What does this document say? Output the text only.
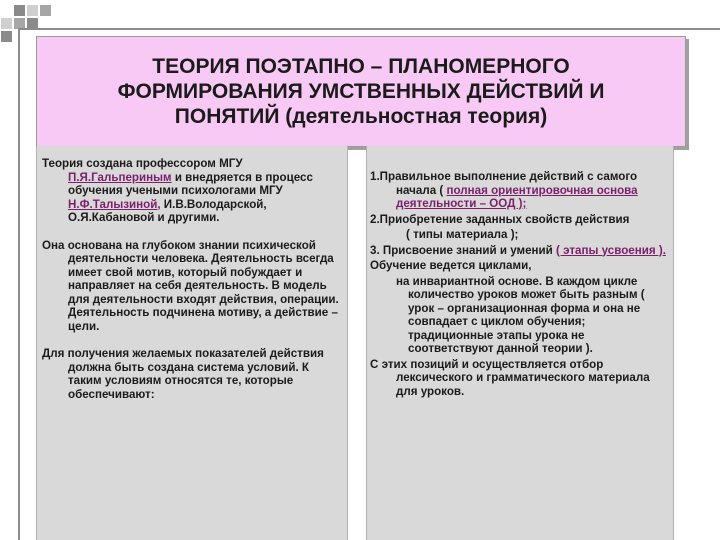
ТЕОРИЯ ПОЭТАПНО – ПЛАНОМЕРНОГО
ФОРМИРОВАНИЯ УМСТВЕННЫХ ДЕЙСТВИЙ И
ПОНЯТИЙ (деятельностная теория)

Теория создана профессором МГУ П.Я.Гальпериным и внедряется в процесс обучения учеными психологами МГУ Н.Ф.Талызиной, И.В.Володарской, О.Я.Кабановой и другими.

Она основана на глубоком знании психической деятельности человека. Деятельность всегда имеет свой мотив, который побуждает и направляет на себя деятельность. В модель для деятельности входят действия, операции. Деятельность подчинена мотиву, а действие – цели.

Для получения желаемых показателей действия должна быть создана система условий. К таким условиям относятся те, которые обеспечивают:

1.Правильное выполнение действий с самого начала ( полная ориентировочная основа деятельности – ООД );

2.Приобретение заданных свойств действия

( типы материала );

3. Присвоение знаний и умений ( этапы усвоения ).

Обучение ведется циклами,

на инвариантной основе. В каждом цикле количество уроков может быть разным ( урок – организационная форма и она не совпадает с циклом обучения; традиционные этапы урока не соответствуют данной теории ).

С этих позиций и осуществляется отбор лексического и грамматического материала для уроков.
